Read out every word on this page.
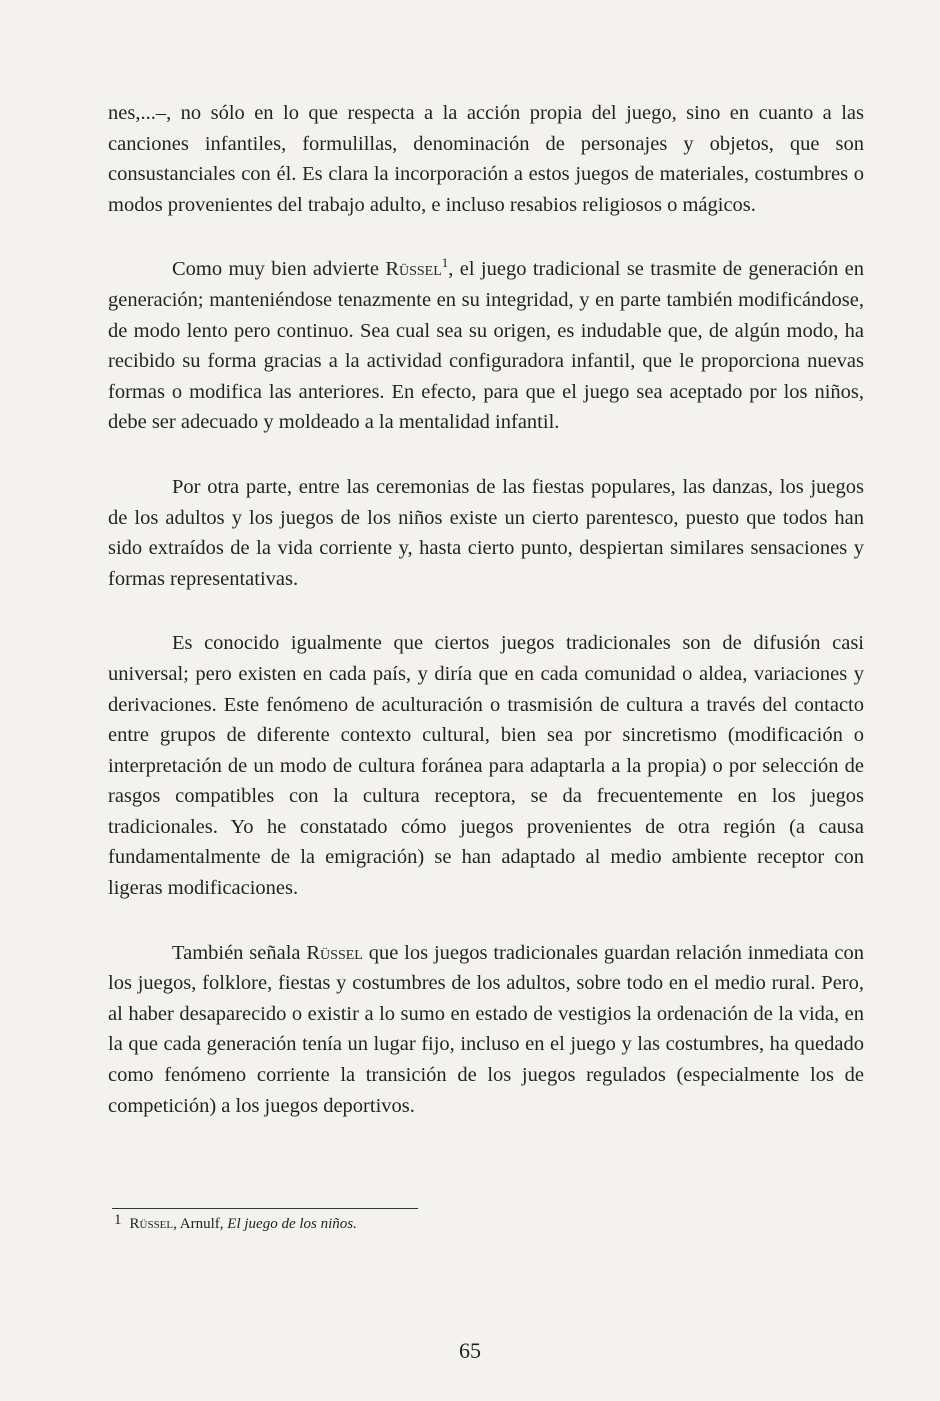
nes,...–, no sólo en lo que respecta a la acción propia del juego, sino en cuanto a las canciones infantiles, formulillas, denominación de personajes y objetos, que son consustanciales con él. Es clara la incorporación a estos juegos de materiales, costumbres o modos provenientes del trabajo adulto, e incluso resabios religiosos o mágicos.

Como muy bien advierte Rüssel$^1$, el juego tradicional se trasmite de generación en generación; manteniéndose tenazmente en su integridad, y en parte también modificándose, de modo lento pero continuo. Sea cual sea su origen, es indudable que, de algún modo, ha recibido su forma gracias a la actividad configuradora infantil, que le proporciona nuevas formas o modifica las anteriores. En efecto, para que el juego sea aceptado por los niños, debe ser adecuado y moldeado a la mentalidad infantil.

Por otra parte, entre las ceremonias de las fiestas populares, las danzas, los juegos de los adultos y los juegos de los niños existe un cierto parentesco, puesto que todos han sido extraídos de la vida corriente y, hasta cierto punto, despiertan similares sensaciones y formas representativas.

Es conocido igualmente que ciertos juegos tradicionales son de difusión casi universal; pero existen en cada país, y diría que en cada comunidad o aldea, variaciones y derivaciones. Este fenómeno de aculturación o trasmisión de cultura a través del contacto entre grupos de diferente contexto cultural, bien sea por sincretismo (modificación o interpretación de un modo de cultura foránea para adaptarla a la propia) o por selección de rasgos compatibles con la cultura receptora, se da frecuentemente en los juegos tradicionales. Yo he constatado cómo juegos provenientes de otra región (a causa fundamentalmente de la emigración) se han adaptado al medio ambiente receptor con ligeras modificaciones.

También señala Rüssel que los juegos tradicionales guardan relación inmediata con los juegos, folklore, fiestas y costumbres de los adultos, sobre todo en el medio rural. Pero, al haber desaparecido o existir a lo sumo en estado de vestigios la ordenación de la vida, en la que cada generación tenía un lugar fijo, incluso en el juego y las costumbres, ha quedado como fenómeno corriente la transición de los juegos regulados (especialmente los de competición) a los juegos deportivos.

1 Rüssel, Arnulf, El juego de los niños.
65
